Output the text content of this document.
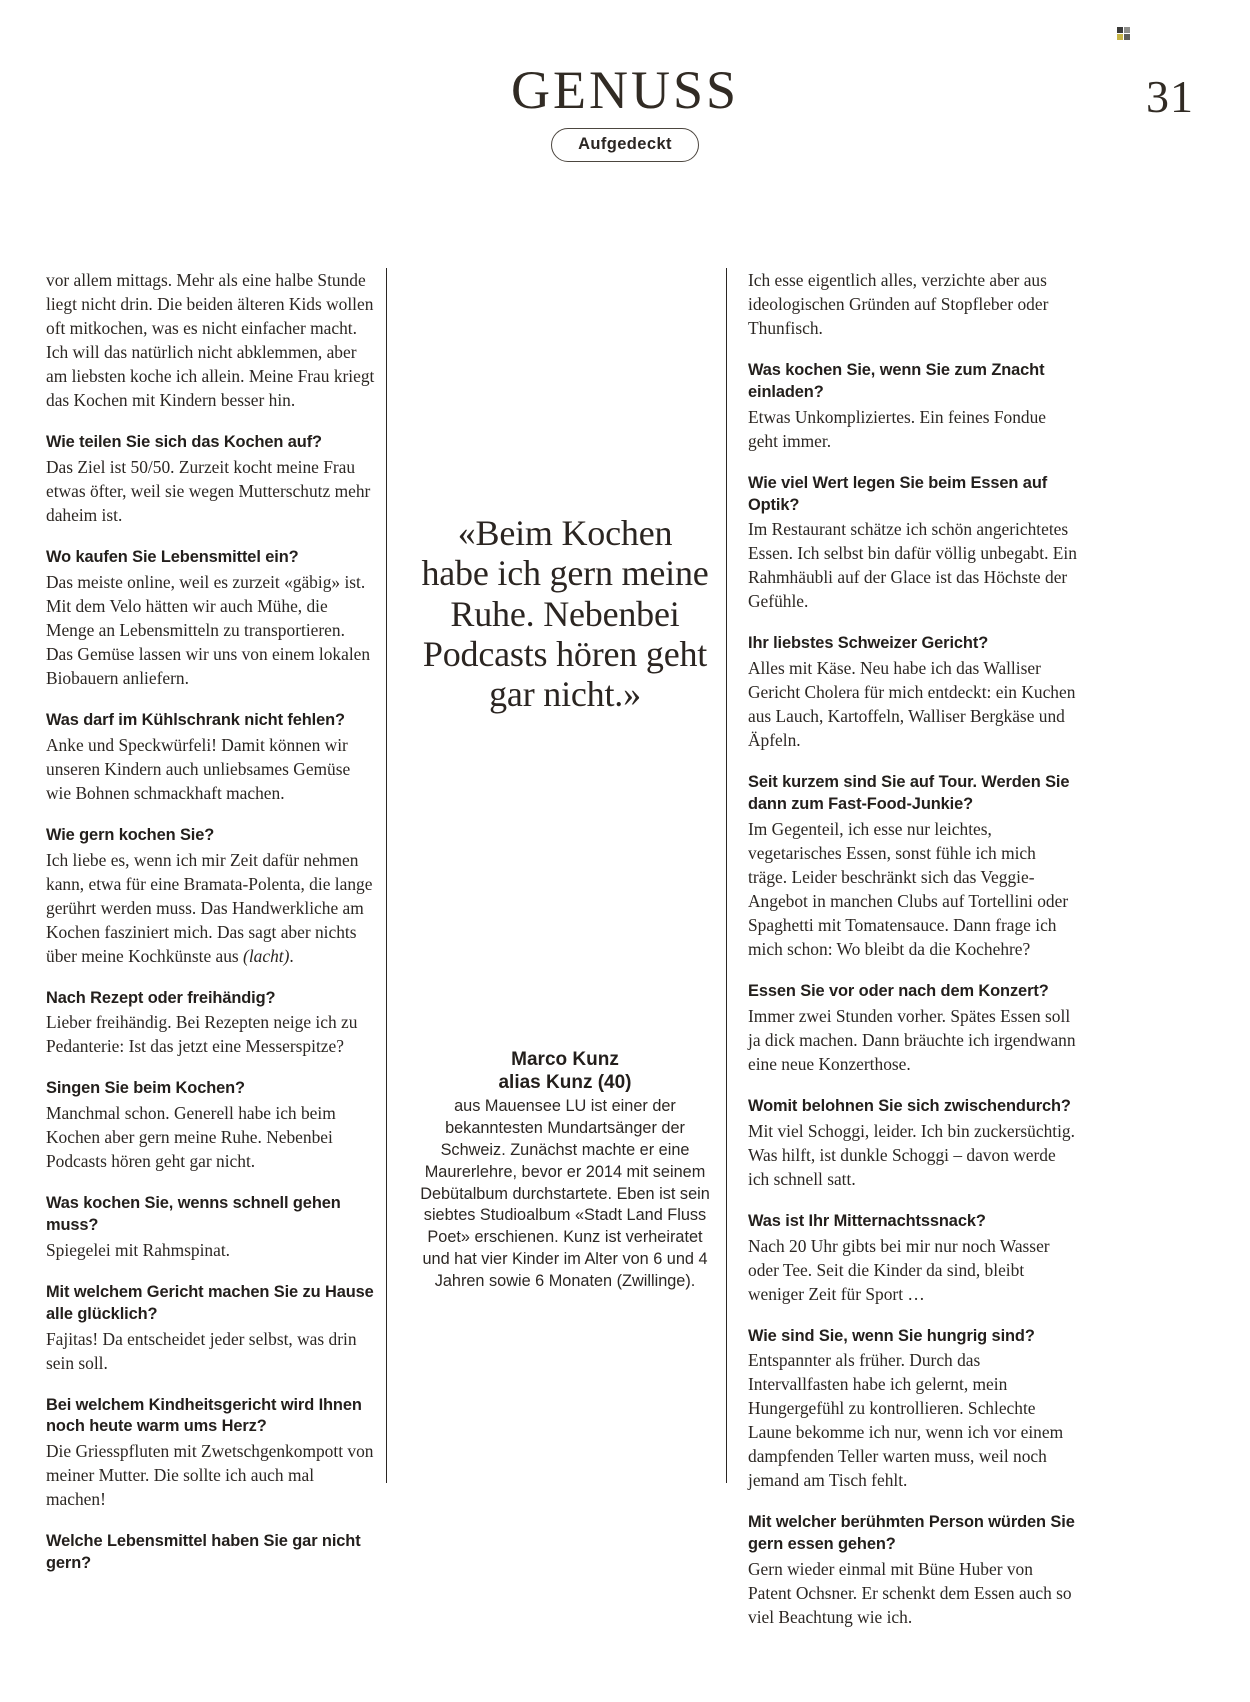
GENUSS
Aufgedeckt
31

vor allem mittags. Mehr als eine halbe Stunde liegt nicht drin. Die beiden älteren Kids wollen oft mitkochen, was es nicht einfacher macht. Ich will das natürlich nicht abklemmen, aber am liebsten koche ich allein. Meine Frau kriegt das Kochen mit Kindern besser hin.

Wie teilen Sie sich das Kochen auf?

Das Ziel ist 50/50. Zurzeit kocht meine Frau etwas öfter, weil sie wegen Mutterschutz mehr daheim ist.

Wo kaufen Sie Lebensmittel ein?

Das meiste online, weil es zurzeit «gäbig» ist. Mit dem Velo hätten wir auch Mühe, die Menge an Lebensmitteln zu transportieren. Das Gemüse lassen wir uns von einem lokalen Biobauern anliefern.

Was darf im Kühlschrank nicht fehlen?

Anke und Speckwürfeli! Damit können wir unseren Kindern auch unliebsames Gemüse wie Bohnen schmackhaft machen.

Wie gern kochen Sie?

Ich liebe es, wenn ich mir Zeit dafür nehmen kann, etwa für eine Bramata-Polenta, die lange gerührt werden muss. Das Handwerkliche am Kochen fasziniert mich. Das sagt aber nichts über meine Kochkünste aus (lacht).

Nach Rezept oder freihändig?

Lieber freihändig. Bei Rezepten neige ich zu Pedanterie: Ist das jetzt eine Messerspitze?

Singen Sie beim Kochen?

Manchmal schon. Generell habe ich beim Kochen aber gern meine Ruhe. Nebenbei Podcasts hören geht gar nicht.

Was kochen Sie, wenns schnell gehen muss?

Spiegelei mit Rahmspinat.

Mit welchem Gericht machen Sie zu Hause alle glücklich?

Fajitas! Da entscheidet jeder selbst, was drin sein soll.

Bei welchem Kindheitsgericht wird Ihnen noch heute warm ums Herz?

Die Griesspfluten mit Zwetschgenkompott von meiner Mutter. Die sollte ich auch mal machen!

Welche Lebensmittel haben Sie gar nicht gern?

«Beim Kochen habe ich gern meine Ruhe. Nebenbei Podcasts hören geht gar nicht.»
Marco Kunz
alias Kunz (40)

aus Mauensee LU ist einer der bekanntesten Mundartsänger der Schweiz. Zunächst machte er eine Maurerlehre, bevor er 2014 mit seinem Debütalbum durchstartete. Eben ist sein siebtes Studioalbum «Stadt Land Fluss Poet» erschienen. Kunz ist verheiratet und hat vier Kinder im Alter von 6 und 4 Jahren sowie 6 Monaten (Zwillinge).

Ich esse eigentlich alles, verzichte aber aus ideologischen Gründen auf Stopfleber oder Thunfisch.

Was kochen Sie, wenn Sie zum Znacht einladen?

Etwas Unkompliziertes. Ein feines Fondue geht immer.

Wie viel Wert legen Sie beim Essen auf Optik?

Im Restaurant schätze ich schön angerichtetes Essen. Ich selbst bin dafür völlig unbegabt. Ein Rahmhäubli auf der Glace ist das Höchste der Gefühle.

Ihr liebstes Schweizer Gericht?

Alles mit Käse. Neu habe ich das Walliser Gericht Cholera für mich entdeckt: ein Kuchen aus Lauch, Kartoffeln, Walliser Bergkäse und Äpfeln.

Seit kurzem sind Sie auf Tour. Werden Sie dann zum Fast-Food-Junkie?

Im Gegenteil, ich esse nur leichtes, vegetarisches Essen, sonst fühle ich mich träge. Leider beschränkt sich das Veggie-Angebot in manchen Clubs auf Tortellini oder Spaghetti mit Tomatensauce. Dann frage ich mich schon: Wo bleibt da die Kochehre?

Essen Sie vor oder nach dem Konzert?

Immer zwei Stunden vorher. Spätes Essen soll ja dick machen. Dann bräuchte ich irgendwann eine neue Konzerthose.

Womit belohnen Sie sich zwischendurch?

Mit viel Schoggi, leider. Ich bin zuckersüchtig. Was hilft, ist dunkle Schoggi – davon werde ich schnell satt.

Was ist Ihr Mitternachtssnack?

Nach 20 Uhr gibts bei mir nur noch Wasser oder Tee. Seit die Kinder da sind, bleibt weniger Zeit für Sport …

Wie sind Sie, wenn Sie hungrig sind?

Entspannter als früher. Durch das Intervallfasten habe ich gelernt, mein Hungergefühl zu kontrollieren. Schlechte Laune bekomme ich nur, wenn ich vor einem dampfenden Teller warten muss, weil noch jemand am Tisch fehlt.

Mit welcher berühmten Person würden Sie gern essen gehen?

Gern wieder einmal mit Büne Huber von Patent Ochsner. Er schenkt dem Essen auch so viel Beachtung wie ich.
